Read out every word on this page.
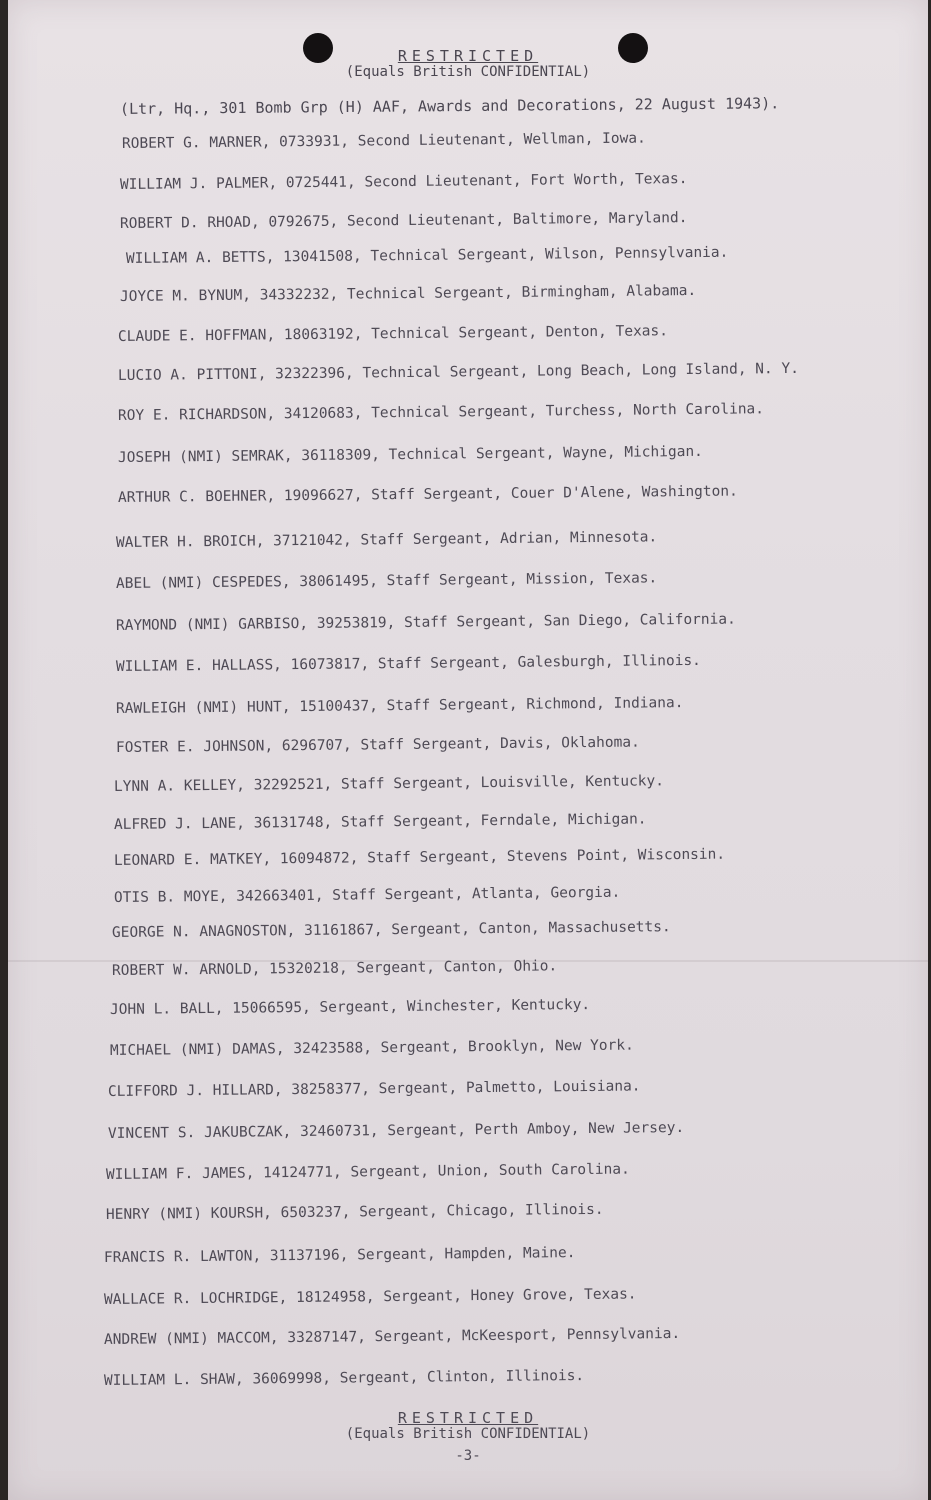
RESTRICTED
(Equals British CONFIDENTIAL)
(Ltr, Hq., 301 Bomb Grp (H) AAF, Awards and Decorations, 22 August 1943).
ROBERT G. MARNER, 0733931, Second Lieutenant, Wellman, Iowa.
WILLIAM J. PALMER, 0725441, Second Lieutenant, Fort Worth, Texas.
ROBERT D. RHOAD, 0792675, Second Lieutenant, Baltimore, Maryland.
WILLIAM A. BETTS, 13041508, Technical Sergeant, Wilson, Pennsylvania.
JOYCE M. BYNUM, 34332232, Technical Sergeant, Birmingham, Alabama.
CLAUDE E. HOFFMAN, 18063192, Technical Sergeant, Denton, Texas.
LUCIO A. PITTONI, 32322396, Technical Sergeant, Long Beach, Long Island, N. Y.
ROY E. RICHARDSON, 34120683, Technical Sergeant, Turchess, North Carolina.
JOSEPH (NMI) SEMRAK, 36118309, Technical Sergeant, Wayne, Michigan.
ARTHUR C. BOEHNER, 19096627, Staff Sergeant, Couer D'Alene, Washington.
WALTER H. BROICH, 37121042, Staff Sergeant, Adrian, Minnesota.
ABEL (NMI) CESPEDES, 38061495, Staff Sergeant, Mission, Texas.
RAYMOND (NMI) GARBISO, 39253819, Staff Sergeant, San Diego, California.
WILLIAM E. HALLASS, 16073817, Staff Sergeant, Galesburgh, Illinois.
RAWLEIGH (NMI) HUNT, 15100437, Staff Sergeant, Richmond, Indiana.
FOSTER E. JOHNSON, 6296707, Staff Sergeant, Davis, Oklahoma.
LYNN A. KELLEY, 32292521, Staff Sergeant, Louisville, Kentucky.
ALFRED J. LANE, 36131748, Staff Sergeant, Ferndale, Michigan.
LEONARD E. MATKEY, 16094872, Staff Sergeant, Stevens Point, Wisconsin.
OTIS B. MOYE, 342663401, Staff Sergeant, Atlanta, Georgia.
GEORGE N. ANAGNOSTON, 31161867, Sergeant, Canton, Massachusetts.
ROBERT W. ARNOLD, 15320218, Sergeant, Canton, Ohio.
JOHN L. BALL, 15066595, Sergeant, Winchester, Kentucky.
MICHAEL (NMI) DAMAS, 32423588, Sergeant, Brooklyn, New York.
CLIFFORD J. HILLARD, 38258377, Sergeant, Palmetto, Louisiana.
VINCENT S. JAKUBCZAK, 32460731, Sergeant, Perth Amboy, New Jersey.
WILLIAM F. JAMES, 14124771, Sergeant, Union, South Carolina.
HENRY (NMI) KOURSH, 6503237, Sergeant, Chicago, Illinois.
FRANCIS R. LAWTON, 31137196, Sergeant, Hampden, Maine.
WALLACE R. LOCHRIDGE, 18124958, Sergeant, Honey Grove, Texas.
ANDREW (NMI) MACCOM, 33287147, Sergeant, McKeesport, Pennsylvania.
WILLIAM L. SHAW, 36069998, Sergeant, Clinton, Illinois.
RESTRICTED
(Equals British CONFIDENTIAL)
-3-
